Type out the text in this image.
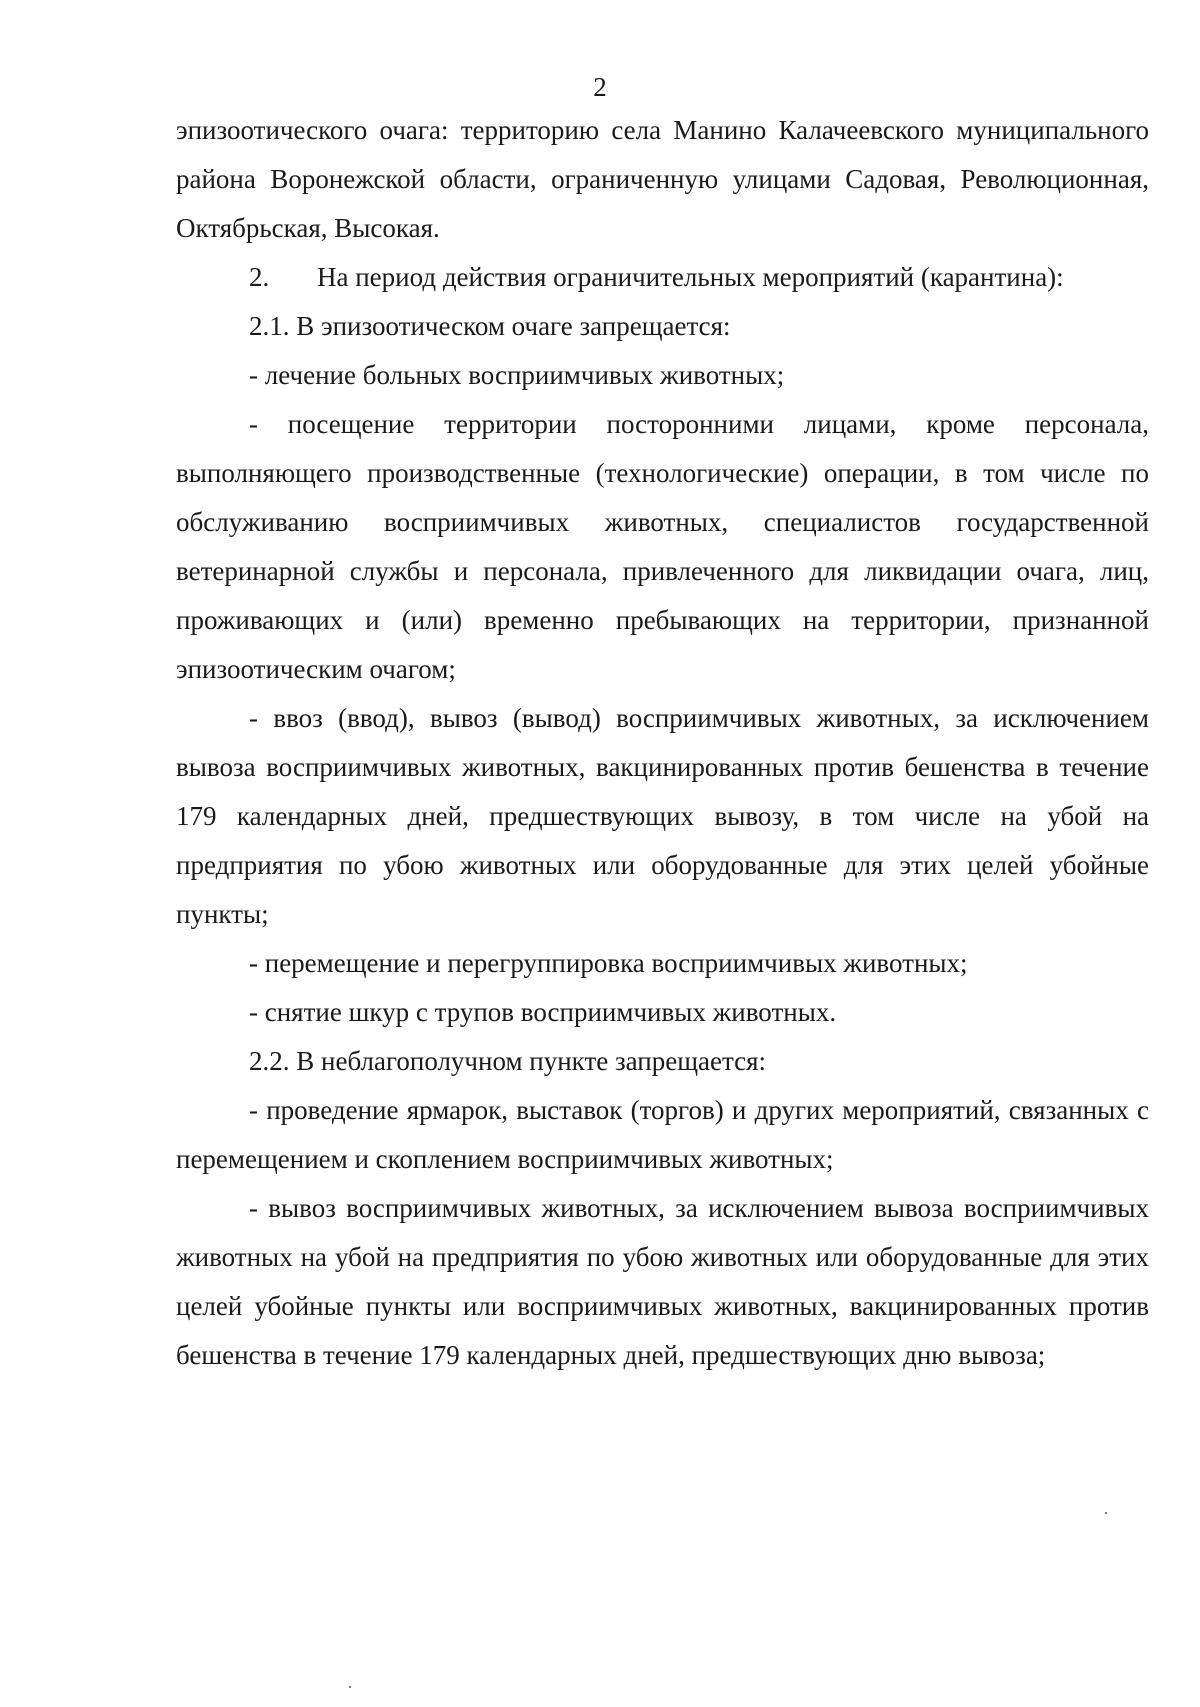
2

эпизоотического очага: территорию села Манино Калачеевского муниципального района Воронежской области, ограниченную улицами Садовая, Революционная, Октябрьская, Высокая.

2. На период действия ограничительных мероприятий (карантина):

2.1. В эпизоотическом очаге запрещается:

- лечение больных восприимчивых животных;

- посещение территории посторонними лицами, кроме персонала, выполняющего производственные (технологические) операции, в том числе по обслуживанию восприимчивых животных, специалистов государственной ветеринарной службы и персонала, привлеченного для ликвидации очага, лиц, проживающих и (или) временно пребывающих на территории, признанной эпизоотическим очагом;

- ввоз (ввод), вывоз (вывод) восприимчивых животных, за исключением вывоза восприимчивых животных, вакцинированных против бешенства в течение 179 календарных дней, предшествующих вывозу, в том числе на убой на предприятия по убою животных или оборудованные для этих целей убойные пункты;

- перемещение и перегруппировка восприимчивых животных;

- снятие шкур с трупов восприимчивых животных.

2.2. В неблагополучном пункте запрещается:

- проведение ярмарок, выставок (торгов) и других мероприятий, связанных с перемещением и скоплением восприимчивых животных;

- вывоз восприимчивых животных, за исключением вывоза восприимчивых животных на убой на предприятия по убою животных или оборудованные для этих целей убойные пункты или восприимчивых животных, вакцинированных против бешенства в течение 179 календарных дней, предшествующих дню вывоза;
